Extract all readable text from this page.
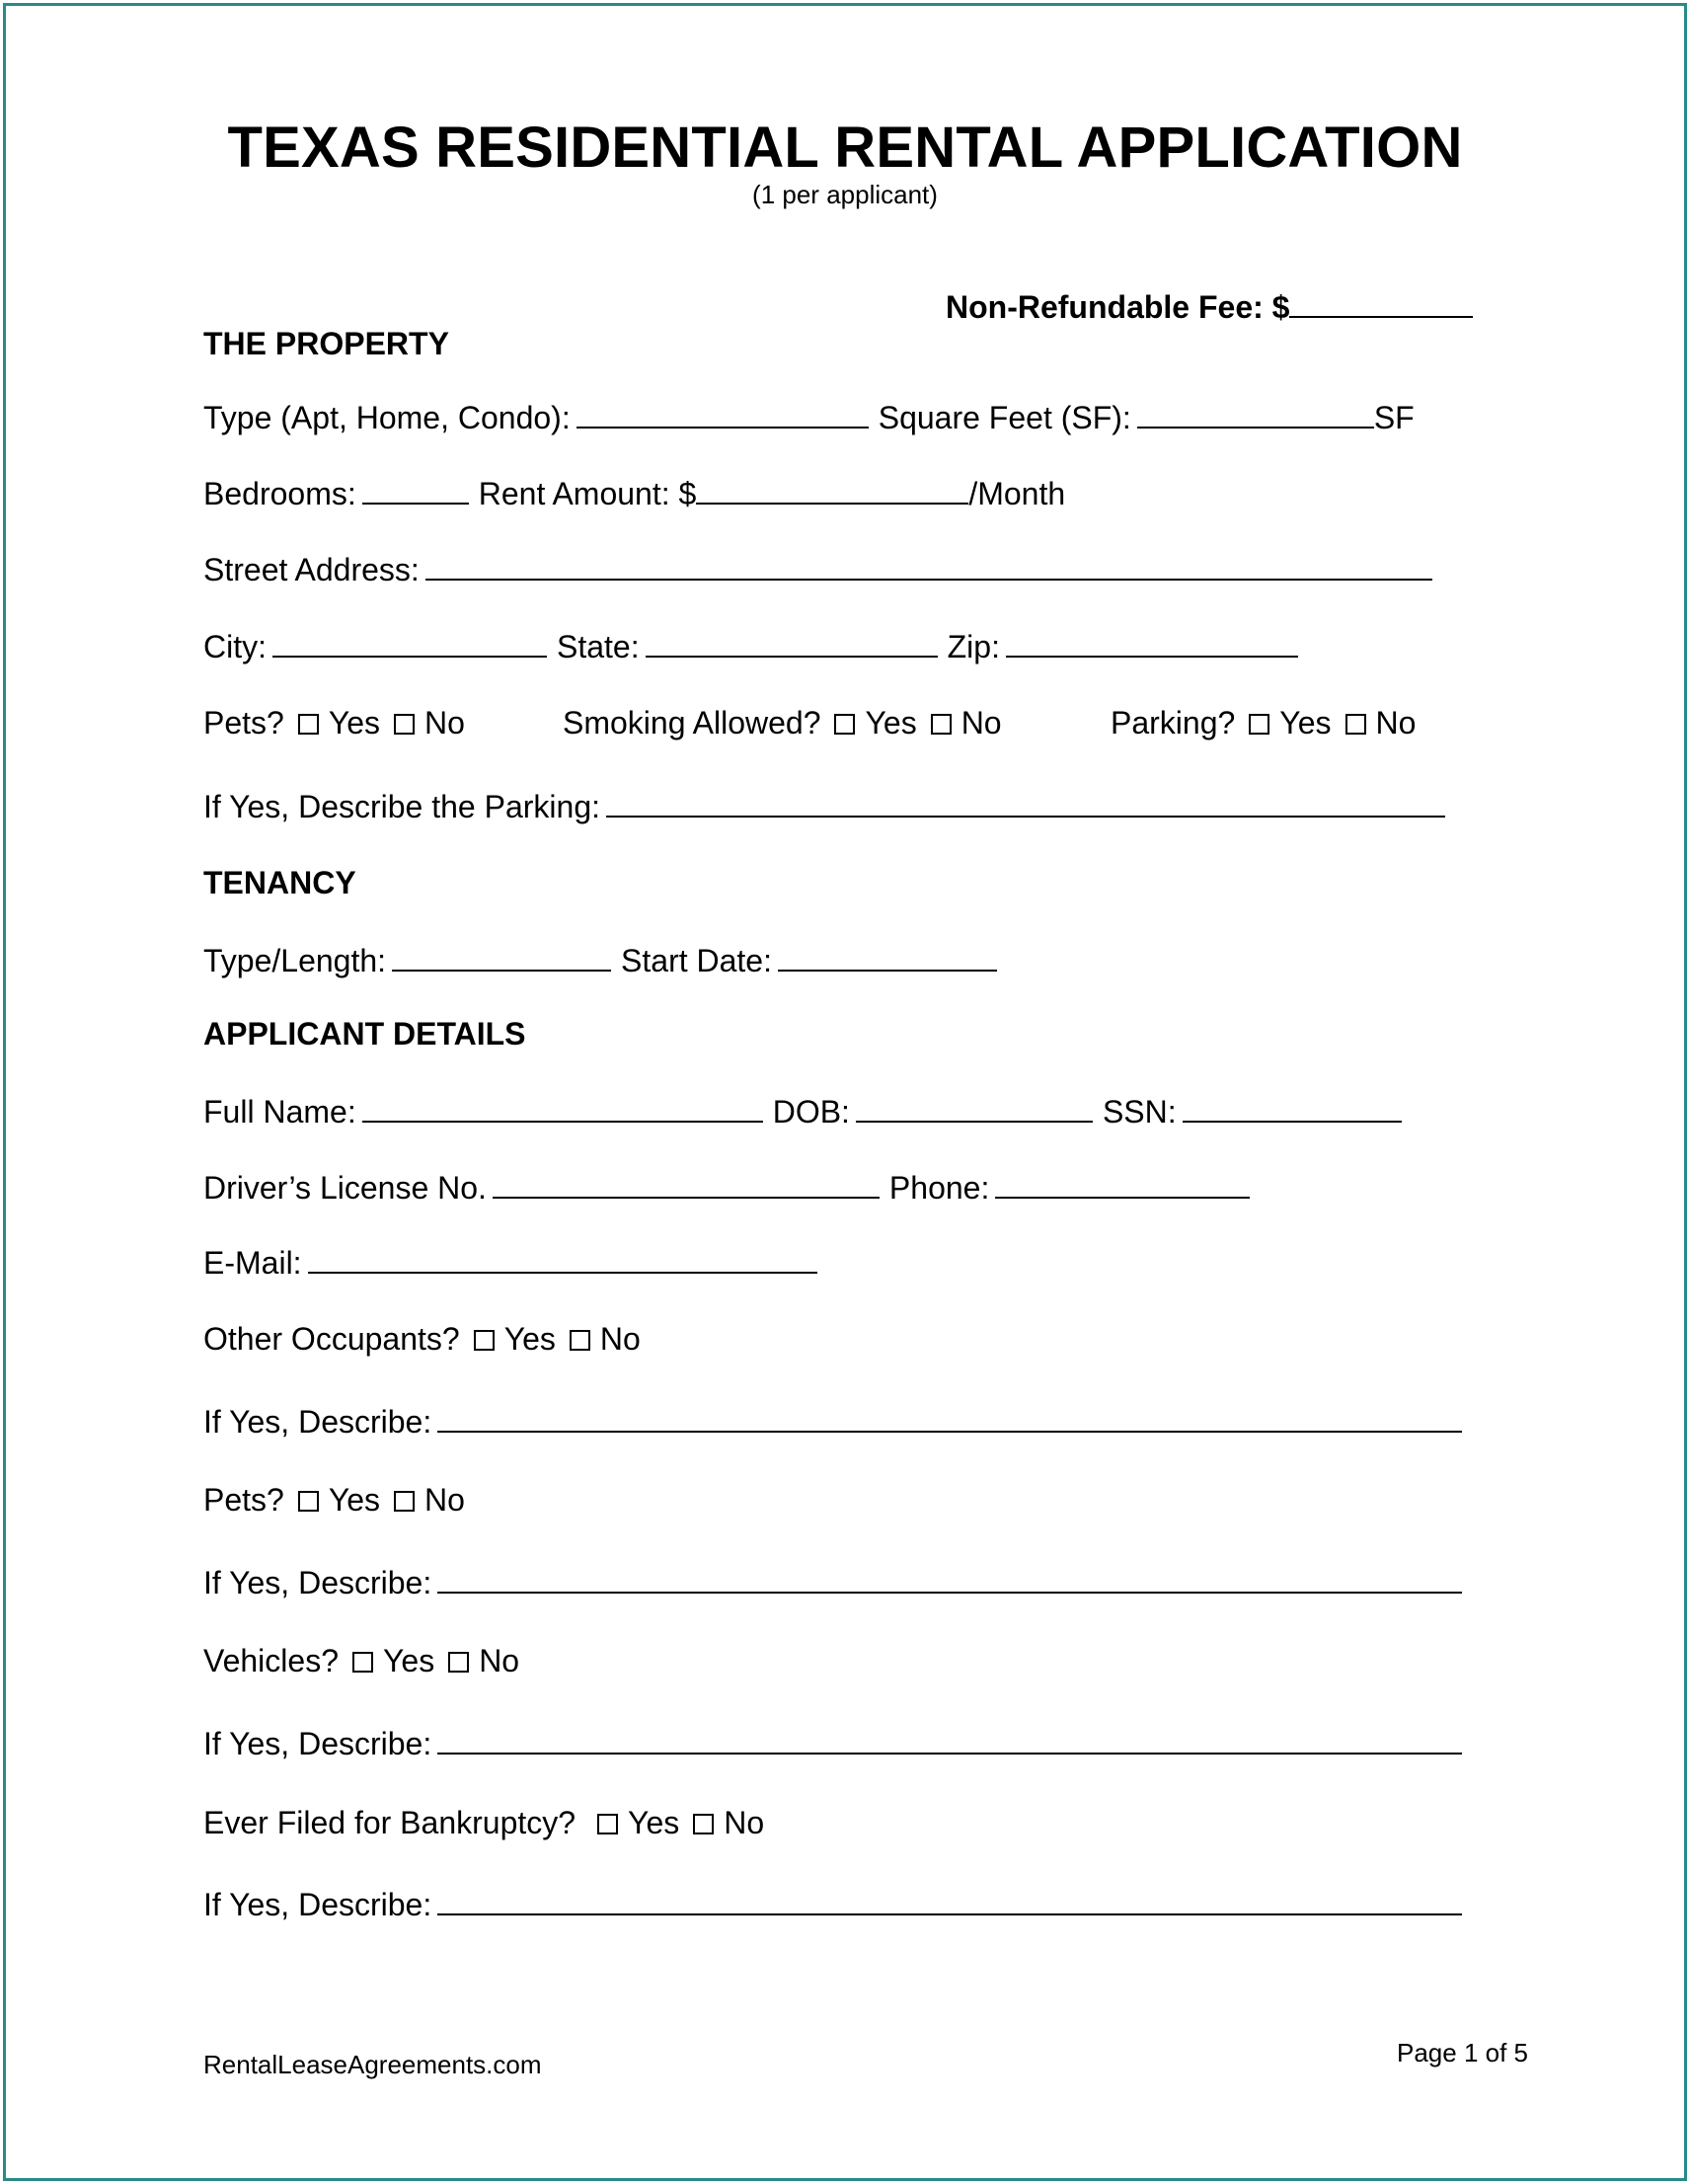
TEXAS RESIDENTIAL RENTAL APPLICATION
(1 per applicant)
Non-Refundable Fee: $
THE PROPERTY
Type (Apt, Home, Condo):	Square Feet (SF):	SF
Bedrooms:	Rent Amount: $	/Month
Street Address:
City:	State:	Zip:
Pets? Yes No	Smoking Allowed? Yes No	Parking? Yes No
If Yes, Describe the Parking:
TENANCY
Type/Length:	Start Date:
APPLICANT DETAILS
Full Name:	DOB:	SSN:
Driver’s License No.	Phone:
E-Mail:
Other Occupants? Yes No
If Yes, Describe:
Pets? Yes No
If Yes, Describe:
Vehicles? Yes No
If Yes, Describe:
Ever Filed for Bankruptcy? Yes No
If Yes, Describe:
RentalLeaseAgreements.com	Page 1 of 5
